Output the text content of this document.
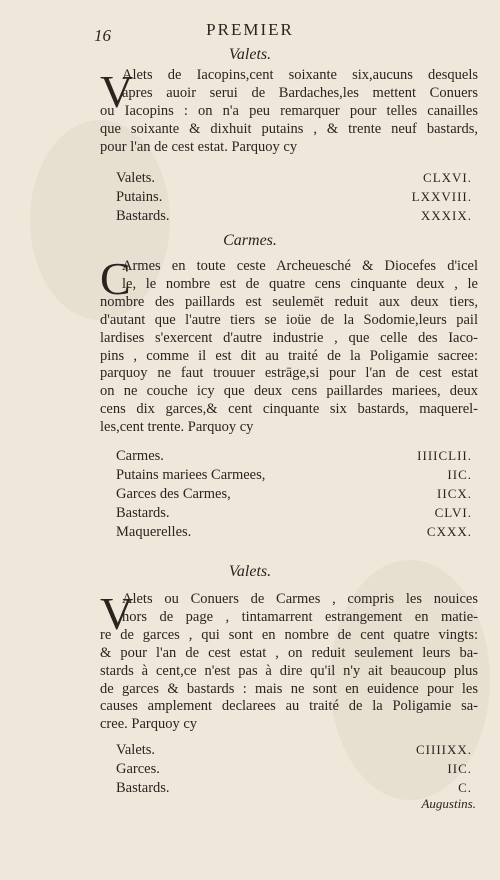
16	PREMIER
Valets.
V
Alets de Iacopins,cent soixante six,aucuns desquels
apres auoir serui de Bardaches,les mettent Conuers
ou Iacopins : on n'a peu remarquer pour telles canailles
que soixante & dixhuit putains , & trente neuf bastards,
pour l'an de cest estat. Parquoy cy
Valets.	CLXVI.
Putains.	LXXVIII.
Bastards.	XXXIX.
Carmes.
C
Armes en toute ceste Archeuesché & Diocefes d'icel
le, le nombre est de quatre cens cinquante deux , le
nombre des paillards est seulemēt reduit aux deux tiers,
d'autant que l'autre tiers se ioüe de la Sodomie,leurs pail
lardises s'exercent d'autre industrie , que celle des Iaco-
pins , comme il est dit au traité de la Poligamie sacree:
parquoy ne faut trouuer estrāge,si pour l'an de cest estat
on ne couche icy que deux cens paillardes mariees, deux
cens dix garces,& cent cinquante six bastards, maquerel-
les,cent trente. Parquoy cy
Carmes.	IIIICLII.
Putains mariees Carmees,	IIC.
Garces des Carmes,	IICX.
Bastards.	CLVI.
Maquerelles.	CXXX.
Valets.
V
Alets ou Conuers de Carmes , compris les nouices
hors de page , tintamarrent estrangement en matie-
re de garces , qui sont en nombre de cent quatre vingts:
& pour l'an de cest estat , on reduit seulement leurs ba-
stards à cent,ce n'est pas à dire qu'il n'y ait beaucoup plus
de garces & bastards : mais ne sont en euidence pour les
causes amplement declarees au traité de la Poligamie sa-
cree. Parquoy cy
Valets.	CIIIIXX.
Garces.	IIC.
Bastards.	C.
Augustins.
